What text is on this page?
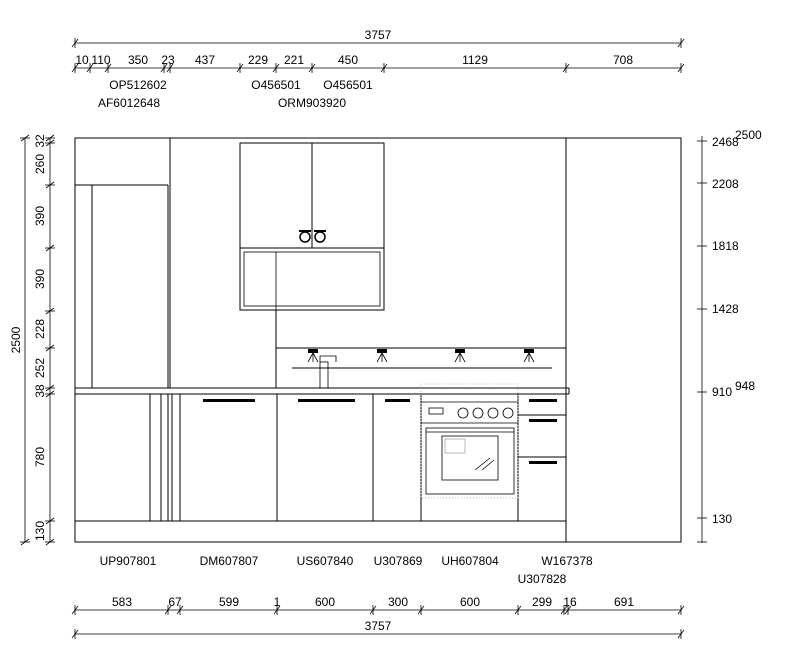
3757
10 110 350 23 437	229 221	450	1129	708
OP512602
AF6012648
O456501 O456501
ORM903920
2500
32
260
390
390
228
252
38
780
130
2468
2500
2208
1818
1428
910 948
130
UP907801	DM607807	US607840 U307869 UH607804	W167378
U307828
583	67	599	1	600	300	600	299 16	691
3757
